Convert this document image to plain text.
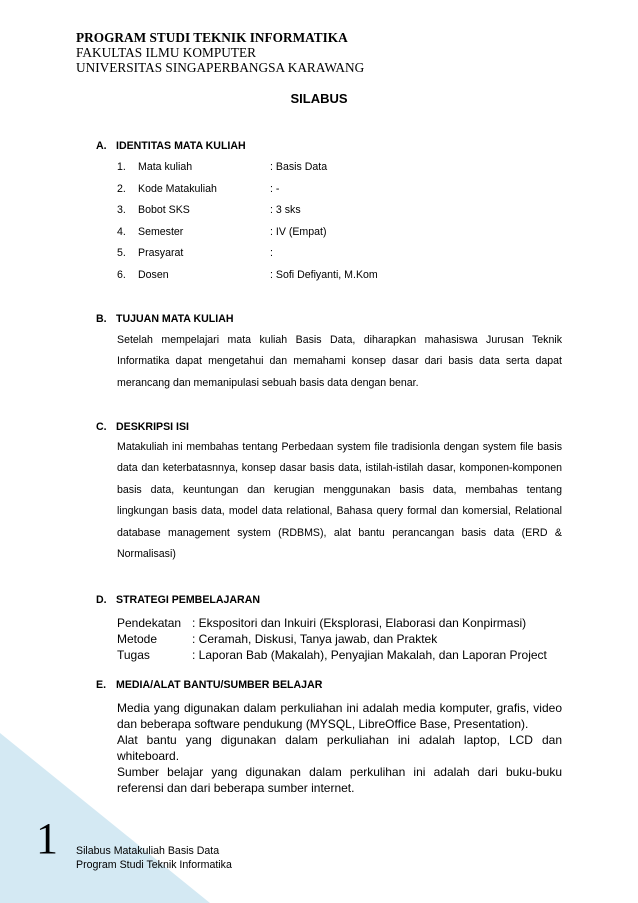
PROGRAM STUDI TEKNIK INFORMATIKA
FAKULTAS ILMU KOMPUTER
UNIVERSITAS SINGAPERBANGSA KARAWANG
SILABUS
A. IDENTITAS MATA KULIAH
1. Mata kuliah	: Basis Data
2. Kode Matakuliah	: -
3. Bobot SKS	: 3 sks
4. Semester	: IV (Empat)
5. Prasyarat	:
6. Dosen	: Sofi Defiyanti, M.Kom
B. TUJUAN MATA KULIAH
Setelah mempelajari mata kuliah Basis Data, diharapkan mahasiswa Jurusan Teknik Informatika dapat mengetahui dan memahami konsep dasar dari basis data serta dapat merancang dan memanipulasi sebuah basis data dengan benar.
C. DESKRIPSI ISI
Matakuliah ini membahas tentang Perbedaan system file tradisionla dengan system file basis data dan keterbatasnnya, konsep dasar basis data, istilah-istilah dasar, komponen-komponen basis data, keuntungan dan kerugian menggunakan basis data, membahas tentang lingkungan basis data, model data relational, Bahasa query formal dan komersial, Relational database management system (RDBMS), alat bantu perancangan basis data (ERD & Normalisasi)
D. STRATEGI PEMBELAJARAN
Pendekatan : Ekspositori dan Inkuiri (Eksplorasi, Elaborasi dan Konpirmasi)
Metode	: Ceramah, Diskusi, Tanya jawab, dan Praktek
Tugas	: Laporan Bab (Makalah), Penyajian Makalah, dan Laporan Project
E. MEDIA/ALAT BANTU/SUMBER BELAJAR

Media yang digunakan dalam perkuliahan ini adalah media komputer, grafis, video dan beberapa software pendukung (MYSQL, LibreOffice Base, Presentation).

Alat bantu yang digunakan dalam perkuliahan ini adalah laptop, LCD dan whiteboard.

Sumber belajar yang digunakan dalam perkulihan ini adalah dari buku-buku referensi dan dari beberapa sumber internet.

1 Silabus Matakuliah Basis Data
Program Studi Teknik Informatika
